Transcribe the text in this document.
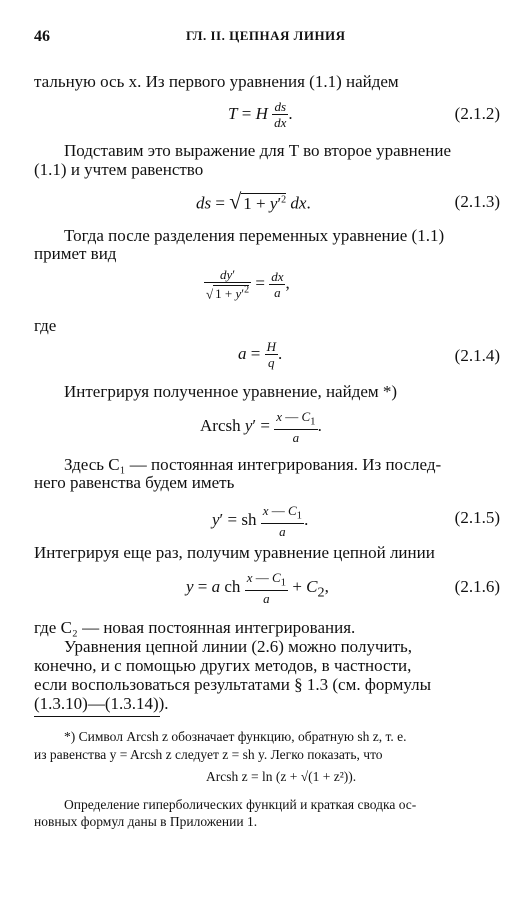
46	ГЛ. II. ЦЕПНАЯ ЛИНИЯ
тальную ось x. Из первого уравнения (1.1) найдем
T = H $\frac{ds}{dx}$ .	(2.1.2)
Подставим это выражение для T во второе уравнение
(1.1) и учтем равенство
ds = √ $1 + y'^2$ dx.	(2.1.3)
Тогда после разделения переменных уравнение (1.1)
примет вид
$\frac{dy'}{√ 1 + y'^2} = \frac{dx}{a}$ ,
где
$a = \frac{H}{q}$ .	(2.1.4)
Интегрируя полученное уравнение, найдем *)
Arcsh $y' = \frac{x — C_1}{a}$ .
Здесь C₁ — постоянная интегрирования. Из послед-
него равенства будем иметь
y′ = sh $\frac{x — C_1}{a}$ .	(2.1.5)
Интегрируя еще раз, получим уравнение цепной линии
y = a ch $\frac{x — C_1}{a} + C_2$,	(2.1.6)
где C₂ — новая постоянная интегрирования.
Уравнения цепной линии (2.6) можно получить,
конечно, и с помощью других методов, в частности,
если воспользоваться результатами § 1.3 (см. формулы
(1.3.10)—(1.3.14)).
*) Символ Arcsh z обозначает функцию, обратную sh z, т. е.
из равенства y = Arcsh z следует z = sh y. Легко показать, что
Arcsh z = ln (z + √(1 + z²)).
Определение гиперболических функций и краткая сводка ос-
новных формул даны в Приложении 1.
